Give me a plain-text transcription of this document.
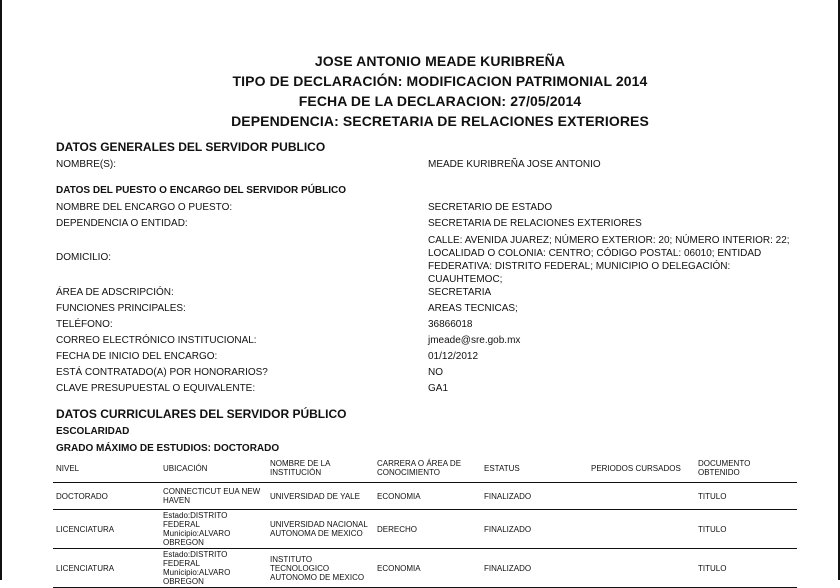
JOSE ANTONIO MEADE KURIBREÑA
TIPO DE DECLARACIÓN: MODIFICACION PATRIMONIAL 2014
FECHA DE LA DECLARACION: 27/05/2014
DEPENDENCIA: SECRETARIA DE RELACIONES EXTERIORES
DATOS GENERALES DEL SERVIDOR PUBLICO
NOMBRE(S):	MEADE KURIBREÑA JOSE ANTONIO
DATOS DEL PUESTO O ENCARGO DEL SERVIDOR PÚBLICO
NOMBRE DEL ENCARGO O PUESTO:	SECRETARIO DE ESTADO
DEPENDENCIA O ENTIDAD:	SECRETARIA DE RELACIONES EXTERIORES
DOMICILIO:
CALLE: AVENIDA JUAREZ; NÚMERO EXTERIOR: 20; NÚMERO INTERIOR: 22; LOCALIDAD O COLONIA: CENTRO; CÓDIGO POSTAL: 06010; ENTIDAD FEDERATIVA: DISTRITO FEDERAL; MUNICIPIO O DELEGACIÓN: CUAUHTEMOC;
ÁREA DE ADSCRIPCIÓN:	SECRETARIA
FUNCIONES PRINCIPALES:	AREAS TECNICAS;
TELÉFONO:	36866018
CORREO ELECTRÓNICO INSTITUCIONAL:	jmeade@sre.gob.mx
FECHA DE INICIO DEL ENCARGO:	01/12/2012
ESTÁ CONTRATADO(A) POR HONORARIOS?	NO
CLAVE PRESUPUESTAL O EQUIVALENTE:	GA1
DATOS CURRICULARES DEL SERVIDOR PÚBLICO
ESCOLARIDAD
GRADO MÁXIMO DE ESTUDIOS: DOCTORADO
NIVEL	UBICACIÓN	NOMBRE DE LA INSTITUCIÓN	CARRERA O ÁREA DE CONOCIMIENTO	ESTATUS	PERIODOS CURSADOS	DOCUMENTO OBTENIDO
DOCTORADO	CONNECTICUT EUA NEW HAVEN	UNIVERSIDAD DE YALE	ECONOMIA	FINALIZADO		TITULO
LICENCIATURA	Estado:DISTRITO FEDERAL Municipio:ALVARO OBREGON	UNIVERSIDAD NACIONAL AUTONOMA DE MEXICO	DERECHO	FINALIZADO		TITULO
LICENCIATURA	Estado:DISTRITO FEDERAL Municipio:ALVARO OBREGON	INSTITUTO TECNOLOGICO AUTONOMO DE MEXICO	ECONOMIA	FINALIZADO		TITULO
